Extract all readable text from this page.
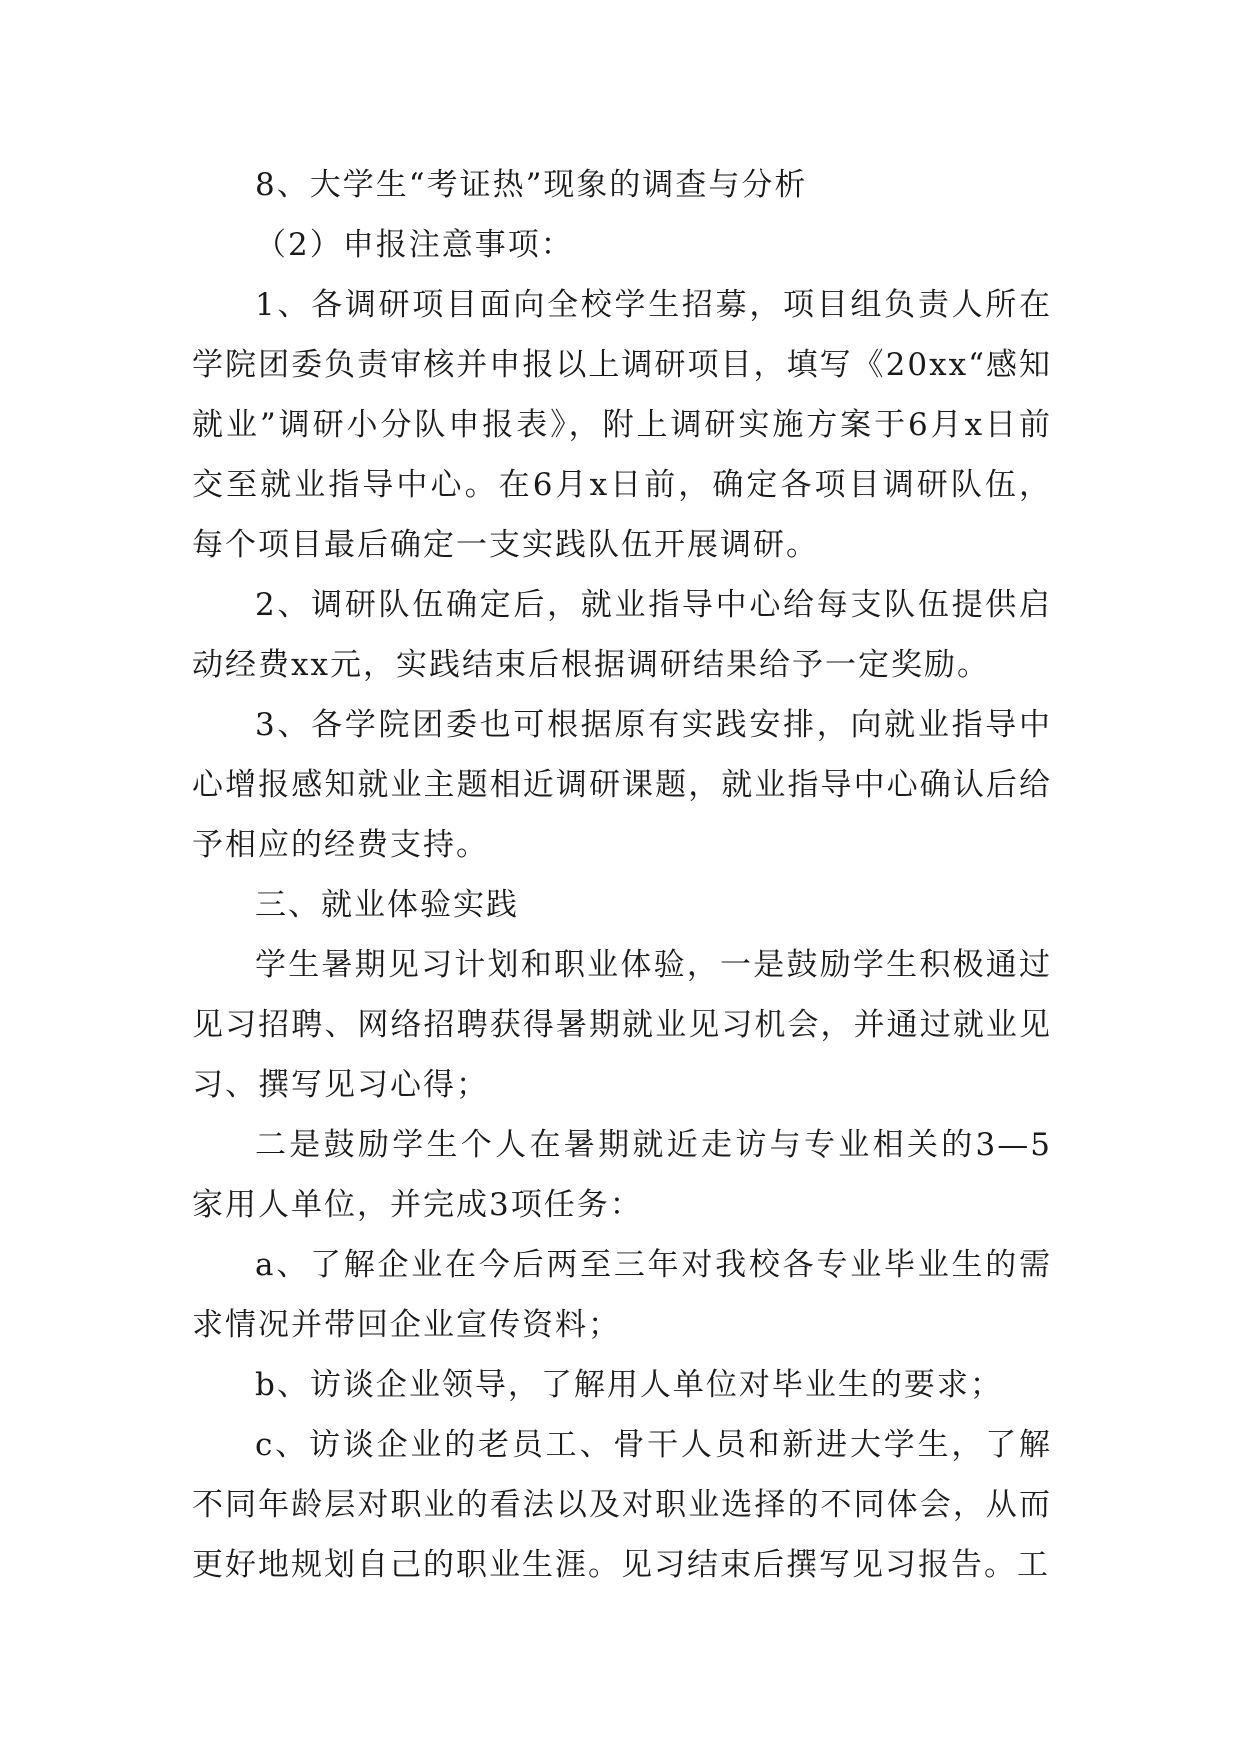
8、大学生“考证热”现象的调查与分析

（2）申报注意事项：

1、各调研项目面向全校学生招募，项目组负责人所在学院团委负责审核并申报以上调研项目，填写《20xx“感知就业”调研小分队申报表》，附上调研实施方案于6月x日前交至就业指导中心。在6月x日前，确定各项目调研队伍，每个项目最后确定一支实践队伍开展调研。

2、调研队伍确定后，就业指导中心给每支队伍提供启动经费xx元，实践结束后根据调研结果给予一定奖励。

3、各学院团委也可根据原有实践安排，向就业指导中心增报感知就业主题相近调研课题，就业指导中心确认后给予相应的经费支持。

三、就业体验实践

学生暑期见习计划和职业体验，一是鼓励学生积极通过见习招聘、网络招聘获得暑期就业见习机会，并通过就业见习、撰写见习心得；

二是鼓励学生个人在暑期就近走访与专业相关的3—5家用人单位，并完成3项任务：

a、了解企业在今后两至三年对我校各专业毕业生的需求情况并带回企业宣传资料；

b、访谈企业领导，了解用人单位对毕业生的要求；

c、访谈企业的老员工、骨干人员和新进大学生，了解不同年龄层对职业的看法以及对职业选择的不同体会，从而更好地规划自己的职业生涯。见习结束后撰写见习报告。工
